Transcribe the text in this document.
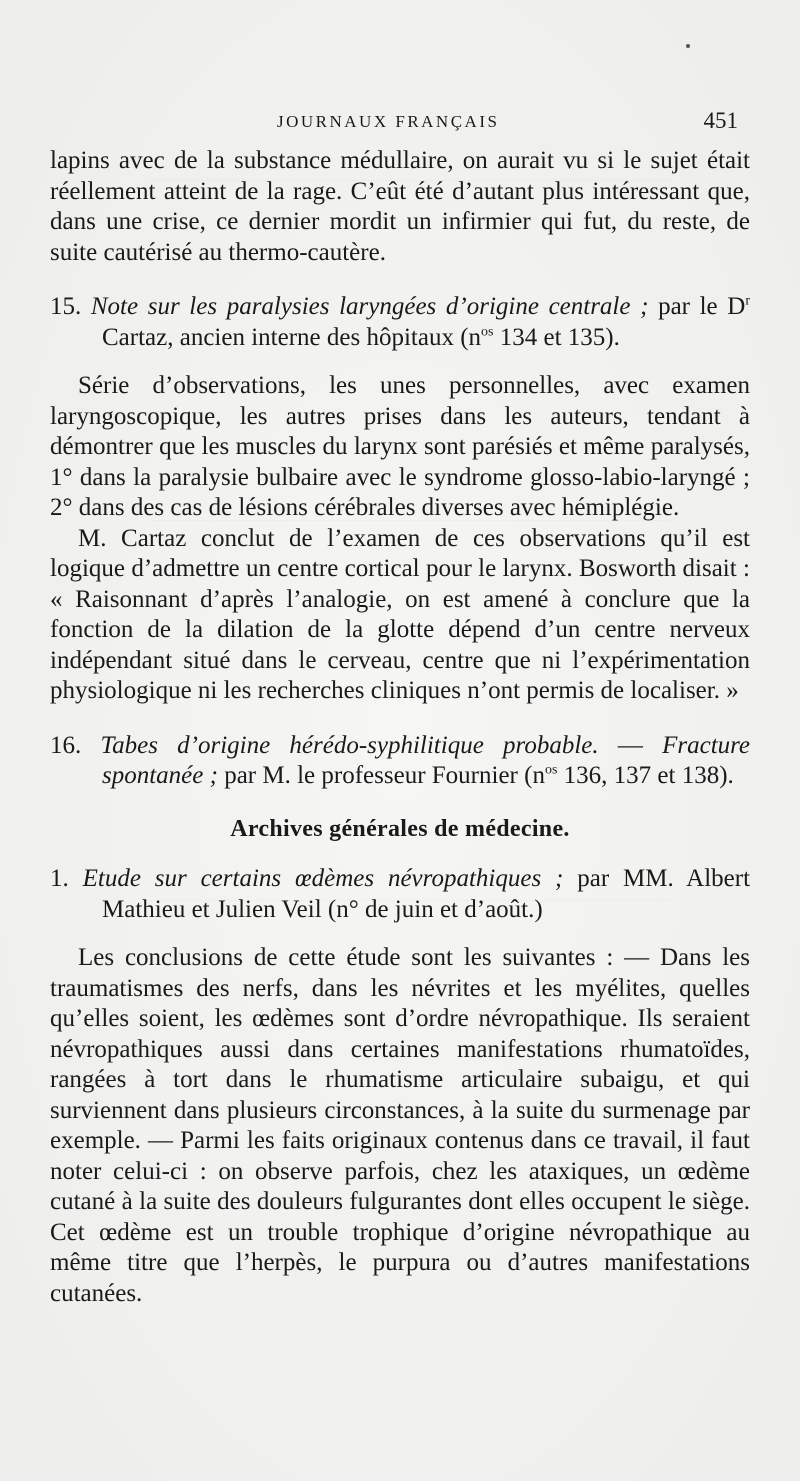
JOURNAUX FRANÇAIS	451

lapins avec de la substance médullaire, on aurait vu si le sujet était réellement atteint de la rage. C’eût été d’autant plus intéressant que, dans une crise, ce dernier mordit un infirmier qui fut, du reste, de suite cautérisé au thermo-cautère.

15. Note sur les paralysies laryngées d’origine centrale ; par le $D^r$ Cartaz, ancien interne des hôpitaux ($n^{os}$ 134 et 135).

Série d’observations, les unes personnelles, avec examen laryngoscopique, les autres prises dans les auteurs, tendant à démontrer que les muscles du larynx sont parésiés et même paralysés, 1° dans la paralysie bulbaire avec le syndrome glosso-labio-laryngé ; 2° dans des cas de lésions cérébrales diverses avec hémiplégie.

M. Cartaz conclut de l’examen de ces observations qu’il est logique d’admettre un centre cortical pour le larynx. Bosworth disait : « Raisonnant d’après l’analogie, on est amené à conclure que la fonction de la dilation de la glotte dépend d’un centre nerveux indépendant situé dans le cerveau, centre que ni l’expérimentation physiologique ni les recherches cliniques n’ont permis de localiser. »

16. Tabes d’origine hérédo-syphilitique probable. — Fracture spontanée ; par M. le professeur Fournier ($n^{os}$ 136, 137 et 138).

Archives générales de médecine.

1. Etude sur certains œdèmes névropathiques ; par MM. Albert Mathieu et Julien Veil (n° de juin et d’août.)

Les conclusions de cette étude sont les suivantes : — Dans les traumatismes des nerfs, dans les névrites et les myélites, quelles qu’elles soient, les œdèmes sont d’ordre névropathique. Ils seraient névropathiques aussi dans certaines manifestations rhumatoïdes, rangées à tort dans le rhumatisme articulaire subaigu, et qui surviennent dans plusieurs circonstances, à la suite du surmenage par exemple. — Parmi les faits originaux contenus dans ce travail, il faut noter celui-ci : on observe parfois, chez les ataxiques, un œdème cutané à la suite des douleurs fulgurantes dont elles occupent le siège. Cet œdème est un trouble trophique d’origine névropathique au même titre que l’herpès, le purpura ou d’autres manifestations cutanées.
